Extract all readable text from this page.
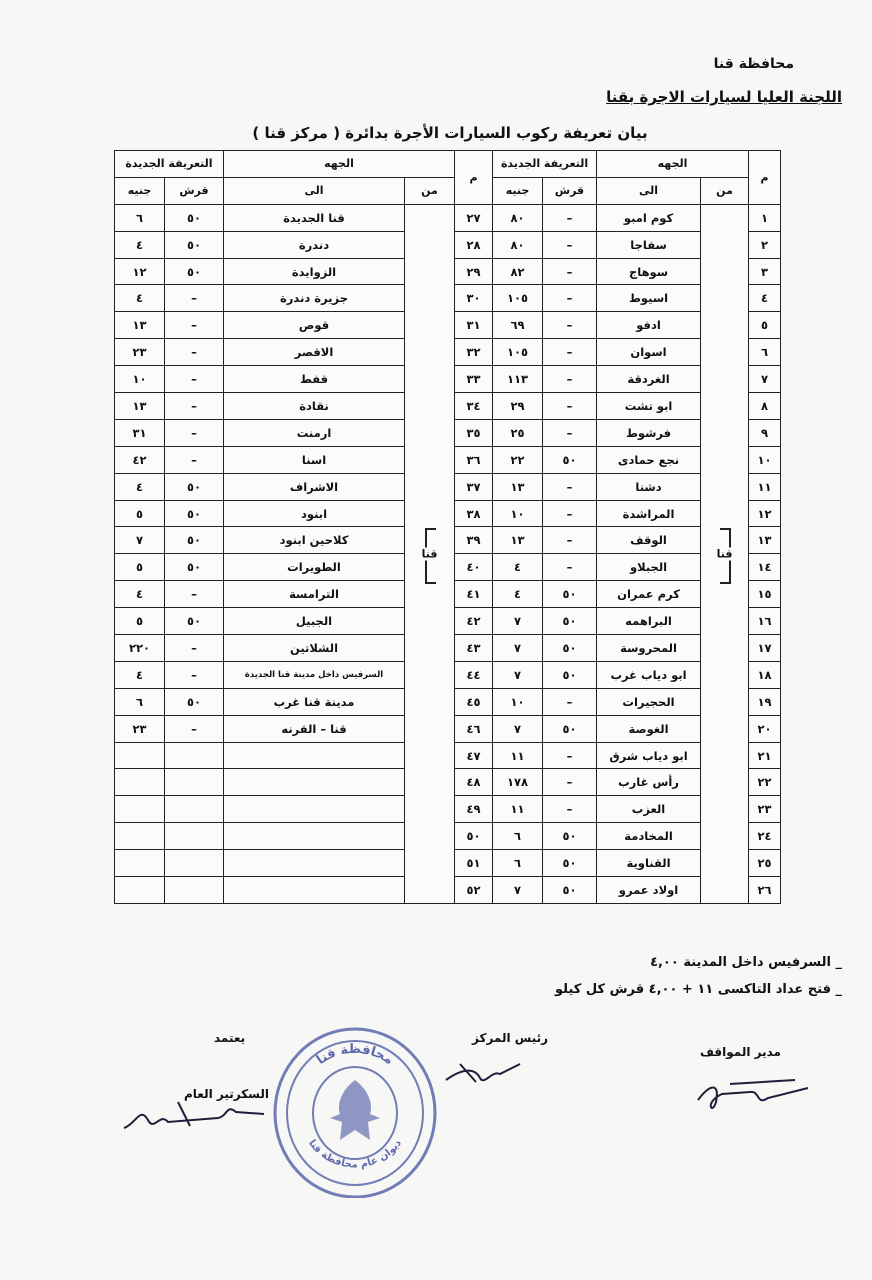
محافظة قنا
اللجنة العليا لسيارات الاجرة بقنا
بيان تعريفة ركوب السيارات الأجرة بدائرة ( مركز قنا )
م	الجهه		التعريفة الجديدة		م	الجهه		التعريفة الجديدة	
	من	الى	قرش	جنيه		من	الى	قرش	جنيه
١	قنا	كوم امبو	–	٨٠	٢٧	قنا	قنا الجديدة	٥٠	٦
٢		سفاجا	–	٨٠	٢٨		دندرة	٥٠	٤
٣		سوهاج	–	٨٢	٢٩		الزوايدة	٥٠	١٢
٤		اسيوط	–	١٠٥	٣٠		جزيرة دندرة	–	٤
٥		ادفو	–	٦٩	٣١		قوص	–	١٣
٦		اسوان	–	١٠٥	٣٢		الاقصر	–	٢٣
٧		الغردقة	–	١١٣	٣٣		قفط	–	١٠
٨		ابو تشت	–	٢٩	٣٤		نقادة	–	١٣
٩		فرشوط	–	٢٥	٣٥		ارمنت	–	٣١
١٠		نجع حمادى	٥٠	٢٢	٣٦		اسنا	–	٤٢
١١		دشنا	–	١٣	٣٧		الاشراف	٥٠	٤
١٢		المراشدة	–	١٠	٣٨		ابنود	٥٠	٥
١٣		الوقف	–	١٣	٣٩		كلاحين ابنود	٥٠	٧
١٤		الجبلاو	–	٤	٤٠		الطويرات	٥٠	٥
١٥		كرم عمران	٥٠	٤	٤١		الترامسة	–	٤
١٦		البراهمه	٥٠	٧	٤٢		الجبيل	٥٠	٥
١٧		المحروسة	٥٠	٧	٤٣		الشلاتين	–	٢٢٠
١٨		ابو دياب غرب	٥٠	٧	٤٤		السرفيس داخل مدينة قنا الجديدة	–	٤
١٩		الحجيرات	–	١٠	٤٥		مدينة قنا غرب	٥٠	٦
٢٠		الغوصة	٥٠	٧	٤٦		قنا – القرنه	–	٢٣
٢١		ابو دياب شرق	–	١١	٤٧				
٢٢		رأس غارب	–	١٧٨	٤٨				
٢٣		العزب	–	١١	٤٩				
٢٤		المخادمة	٥٠	٦	٥٠				
٢٥		القناوية	٥٠	٦	٥١				
٢٦		اولاد عمرو	٥٠	٧	٥٢				
_ السرفيس داخل المدينة ٤,٠٠
_ فتح عداد التاكسى ١١ + ٤,٠٠ قرش كل كيلو
مدير المواقف
رئيس المركز
يعتمد
السكرتير العام
محافظة قنا
ديوان عام محافظة قنا
